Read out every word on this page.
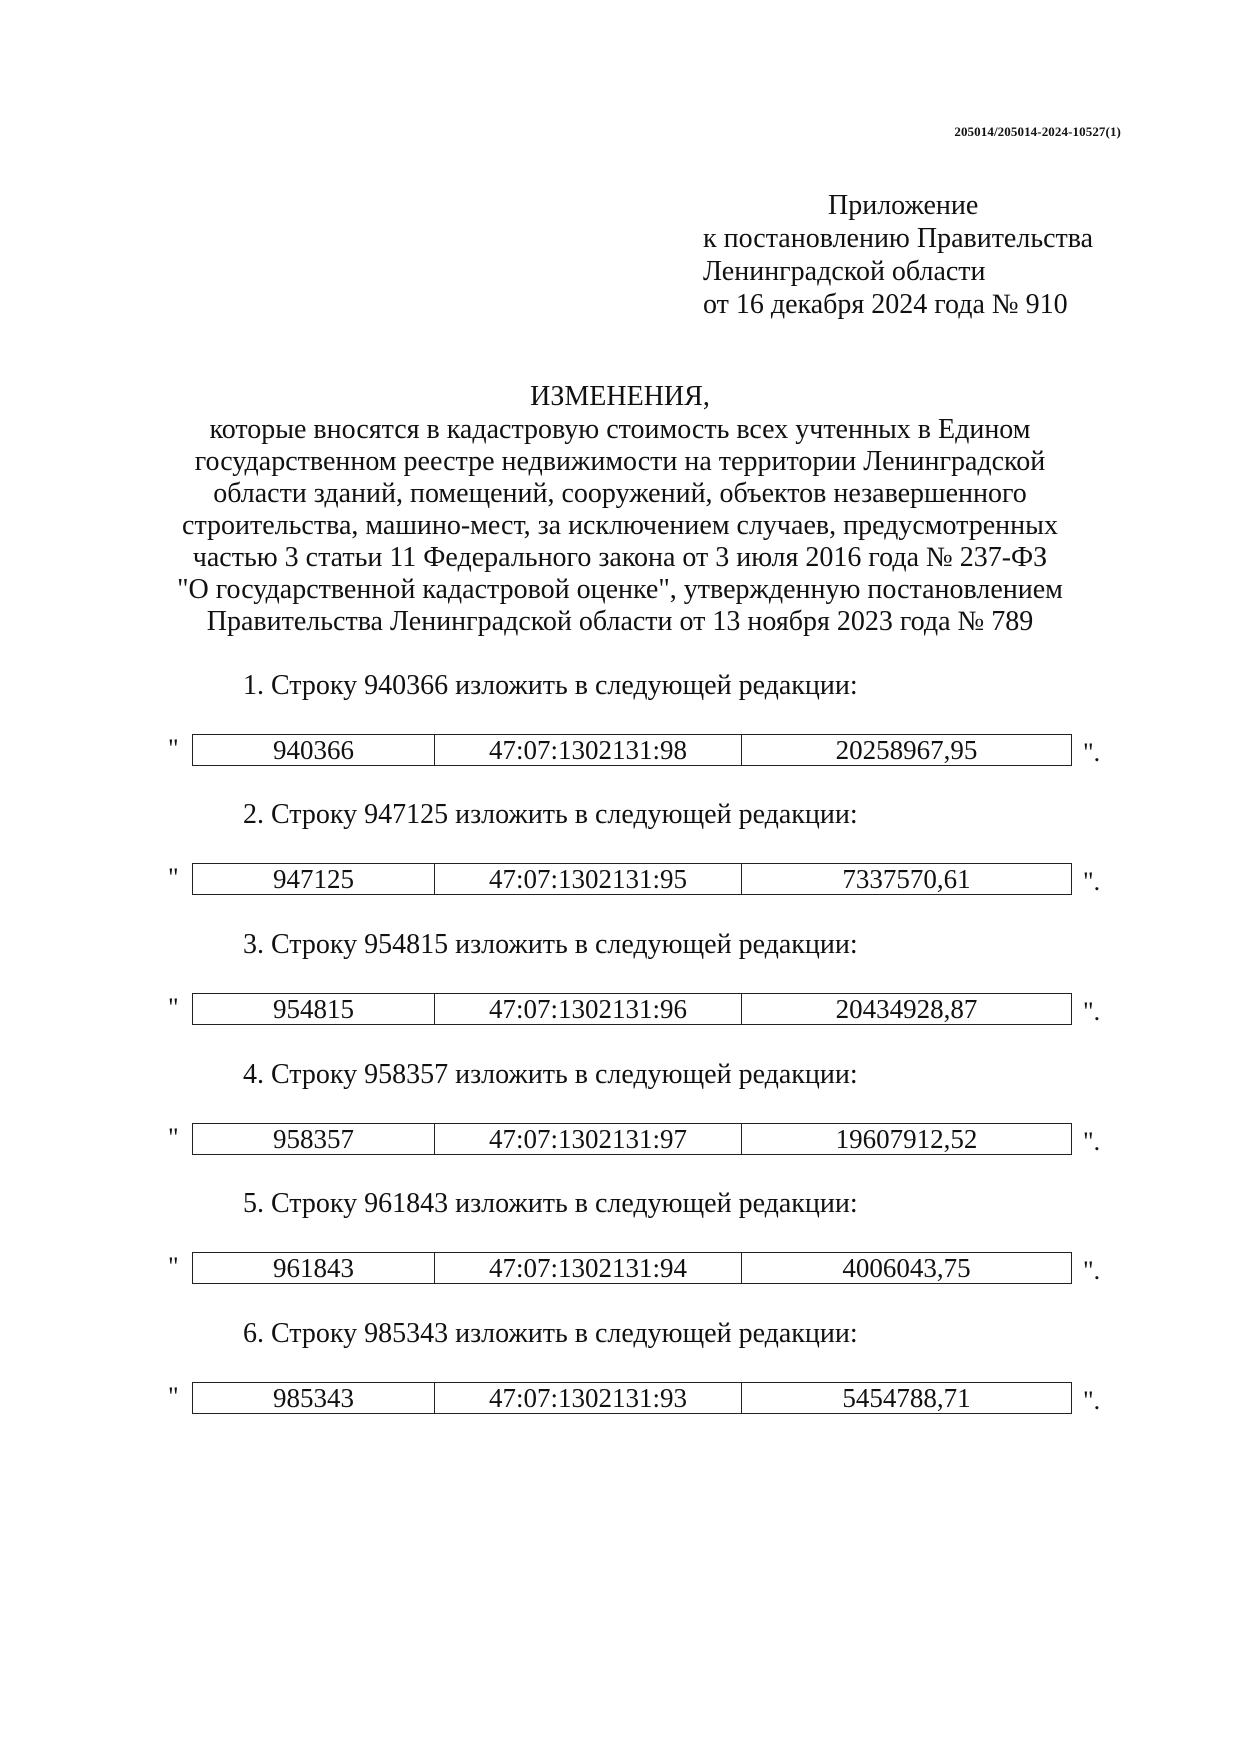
205014/205014-2024-10527(1)
Приложение
к постановлению Правительства
Ленинградской области
от 16 декабря 2024 года № 910
ИЗМЕНЕНИЯ,
которые вносятся в кадастровую стоимость всех учтенных в Едином
государственном реестре недвижимости на территории Ленинградской
области зданий, помещений, сооружений, объектов незавершенного
строительства, машино-мест, за исключением случаев, предусмотренных
частью 3 статьи 11 Федерального закона от 3 июля 2016 года № 237-ФЗ
"О государственной кадастровой оценке", утвержденную постановлением
Правительства Ленинградской области от 13 ноября 2023 года № 789
1. Строку 940366 изложить в следующей редакции:
"	940366	47:07:1302131:98	20258967,95	".
2. Строку 947125 изложить в следующей редакции:
"	947125	47:07:1302131:95	7337570,61	".
3. Строку 954815 изложить в следующей редакции:
"	954815	47:07:1302131:96	20434928,87	".
4. Строку 958357 изложить в следующей редакции:
"	958357	47:07:1302131:97	19607912,52	".
5. Строку 961843 изложить в следующей редакции:
"	961843	47:07:1302131:94	4006043,75	".
6. Строку 985343 изложить в следующей редакции:
"	985343	47:07:1302131:93	5454788,71	".
